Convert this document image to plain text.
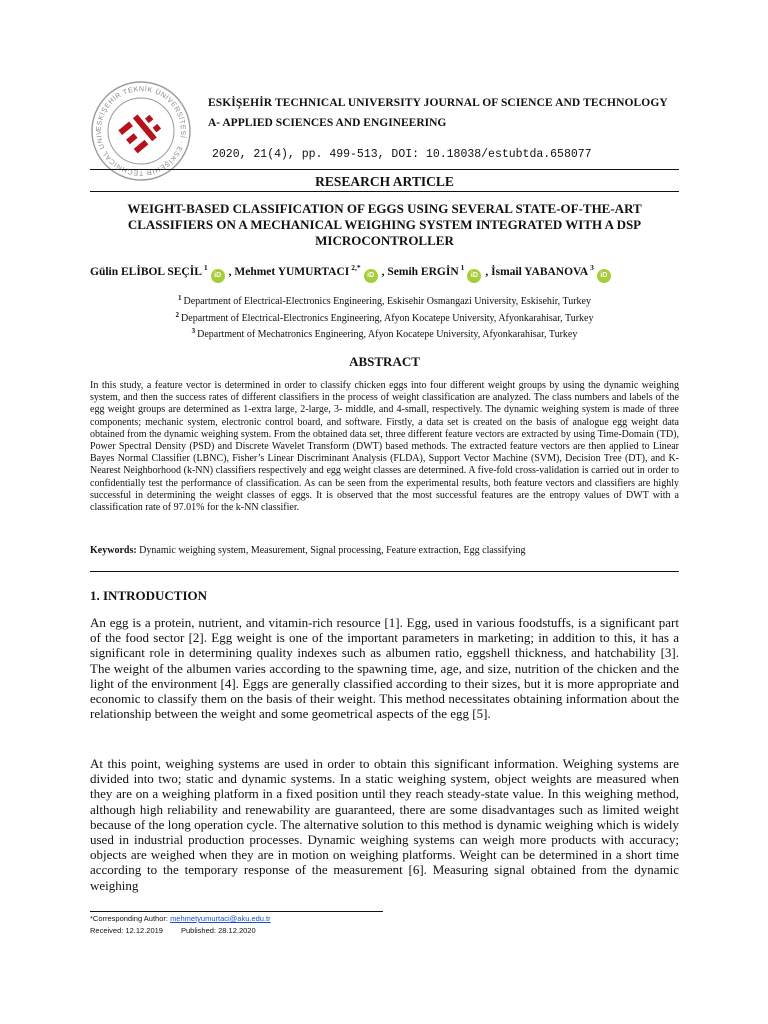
ESKİŞEHİR TEKNİK ÜNİVERSİTESİ · ESKİŞEHİR TECHNICAL UNIV
ESKİŞEHİR TECHNICAL UNIVERSITY JOURNAL OF SCIENCE AND TECHNOLOGY
A- APPLIED SCIENCES AND ENGINEERING
2020, 21(4), pp. 499-513, DOI: 10.18038/estubtda.658077
RESEARCH ARTICLE
WEIGHT-BASED CLASSIFICATION OF EGGS USING SEVERAL STATE-OF-THE-ART CLASSIFIERS ON A MECHANICAL WEIGHING SYSTEM INTEGRATED WITH A DSP MICROCONTROLLER
Gülin ELİBOL SEÇİL $^1$iD , Mehmet YUMURTACI $^{2,*}$iD , Semih ERGİN $^1$iD , İsmail YABANOVA $^3$iD
$^1$ Department of Electrical-Electronics Engineering, Eskisehir Osmangazi University, Eskisehir, Turkey
$^2$ Department of Electrical-Electronics Engineering, Afyon Kocatepe University, Afyonkarahisar, Turkey
$^3$ Department of Mechatronics Engineering, Afyon Kocatepe University, Afyonkarahisar, Turkey
ABSTRACT
In this study, a feature vector is determined in order to classify chicken eggs into four different weight groups by using the dynamic weighing system, and then the success rates of different classifiers in the process of weight classification are analyzed. The class numbers and labels of the egg weight groups are determined as 1-extra large, 2-large, 3- middle, and 4-small, respectively. The dynamic weighing system is made of three components; mechanic system, electronic control board, and software. Firstly, a data set is created on the basis of analogue egg weight data obtained from the dynamic weighing system. From the obtained data set, three different feature vectors are extracted by using Time-Domain (TD), Power Spectral Density (PSD) and Discrete Wavelet Transform (DWT) based methods. The extracted feature vectors are then applied to Linear Bayes Normal Classifier (LBNC), Fisher’s Linear Discriminant Analysis (FLDA), Support Vector Machine (SVM), Decision Tree (DT), and K-Nearest Neighborhood (k-NN) classifiers respectively and egg weight classes are determined. A five-fold cross-validation is carried out in order to confidentially test the performance of classification. As can be seen from the experimental results, both feature vectors and classifiers are highly successful in determining the weight classes of eggs. It is observed that the most successful features are the entropy values of DWT with a classification rate of 97.01% for the k-NN classifier.
Keywords: Dynamic weighing system, Measurement, Signal processing, Feature extraction, Egg classifying
1. INTRODUCTION
An egg is a protein, nutrient, and vitamin-rich resource [1]. Egg, used in various foodstuffs, is a significant part of the food sector [2]. Egg weight is one of the important parameters in marketing; in addition to this, it has a significant role in determining quality indexes such as albumen ratio, eggshell thickness, and hatchability [3]. The weight of the albumen varies according to the spawning time, age, and size, nutrition of the chicken and the light of the environment [4]. Eggs are generally classified according to their sizes, but it is more appropriate and economic to classify them on the basis of their weight. This method necessitates obtaining information about the relationship between the weight and some geometrical aspects of the egg [5].
At this point, weighing systems are used in order to obtain this significant information. Weighing systems are divided into two; static and dynamic systems. In a static weighing system, object weights are measured when they are on a weighing platform in a fixed position until they reach steady-state value. In this weighing method, although high reliability and renewability are guaranteed, there are some disadvantages such as limited weight because of the long operation cycle. The alternative solution to this method is dynamic weighing which is widely used in industrial production processes. Dynamic weighing systems can weigh more products with accuracy; objects are weighed when they are in motion on weighing platforms. Weight can be determined in a short time according to the temporary response of the measurement [6]. Measuring signal obtained from the dynamic weighing
*Corresponding Author: mehmetyumurtaci@aku.edu.tr
Received: 12.12.2019 Published: 28.12.2020
